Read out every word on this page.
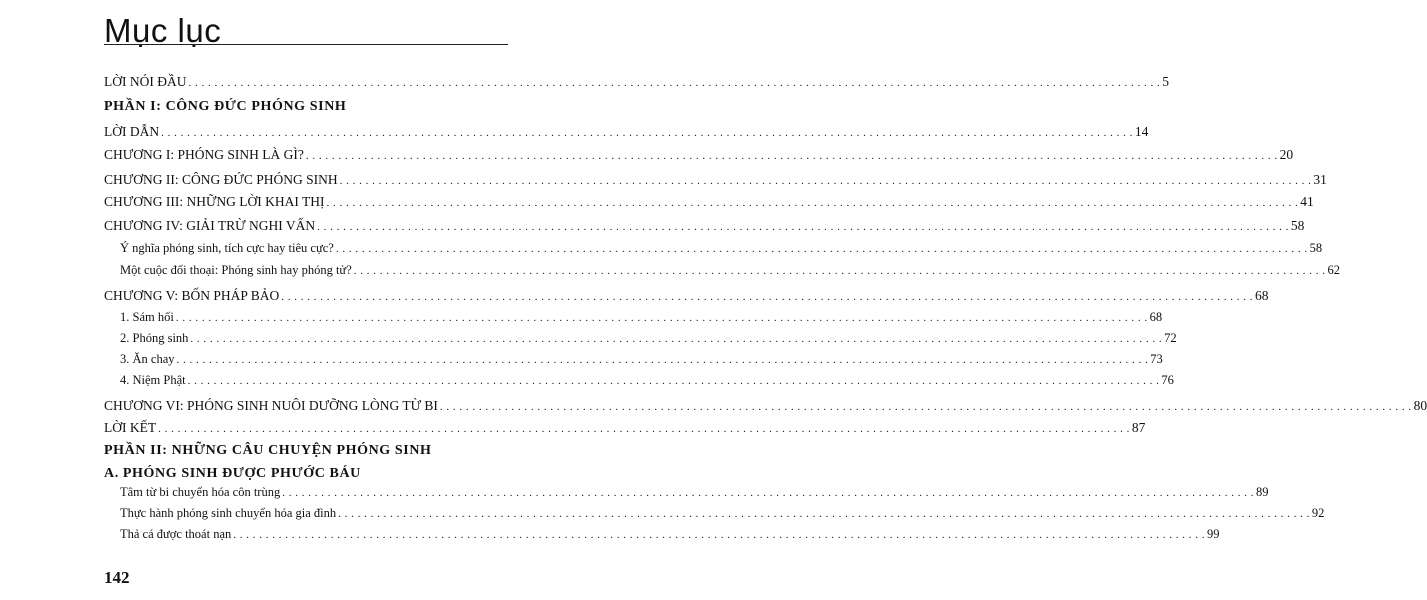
Mục lục
LỜI NÓI ĐẦU . . . . . . . . . . . . . . . . . . . . . . . . . . . . . . . . . . . . . . . . . . . . . . . . . . . . . . . . . . . . . . . . . . . . . . . . . . . . . . . . . . . . . . . . . . . . . . . . . . . . . . . . . . . . . . . . . . . . . . . . . . . . . . . . . . . . . . . . . . . . . . . . . . . . . . 5
PHẦN I: CÔNG ĐỨC PHÓNG SINH
LỜI DẪN . . . . . . . . . . . . . . . . . . . . . . . . . . . . . . . . . . . . . . . . . . . . . . . . . . . . . . . . . . . . . . . . . . . . . . . . . . . . . . . . . . . . . . . . . . . . . . . . . . . . . . . . . . . . . . . . . . . . . . . . . . . . . . . . . . . . . . . . . . . . . . . . . . . . . . 14
CHƯƠNG I: PHÓNG SINH LÀ GÌ? . . . . . . . . . . . . . . . . . . . . . . . . . . . . . . . . . . . . . . . . . . . . . . . . . . . . . . . . . . . . . . . . . . . . . . . . . . . . . . . . . . . . . . . . . . . . . . . . . . . . . . . . . . . . . . . . . . . . . . . . . . . . . . . . . . . . . . . . . . . . . . . . . . . . . . 20
CHƯƠNG II: CÔNG ĐỨC PHÓNG SINH . . . . . . . . . . . . . . . . . . . . . . . . . . . . . . . . . . . . . . . . . . . . . . . . . . . . . . . . . . . . . . . . . . . . . . . . . . . . . . . . . . . . . . . . . . . . . . . . . . . . . . . . . . . . . . . . . . . . . . . . . . . . . . . . . . . . . . . . . . . . . . . . . . . . . . 31
CHƯƠNG III: NHỮNG LỜI KHAI THỊ . . . . . . . . . . . . . . . . . . . . . . . . . . . . . . . . . . . . . . . . . . . . . . . . . . . . . . . . . . . . . . . . . . . . . . . . . . . . . . . . . . . . . . . . . . . . . . . . . . . . . . . . . . . . . . . . . . . . . . . . . . . . . . . . . . . . . . . . . . . . . . . . . . . . . . 41
CHƯƠNG IV: GIẢI TRỪ NGHI VẤN . . . . . . . . . . . . . . . . . . . . . . . . . . . . . . . . . . . . . . . . . . . . . . . . . . . . . . . . . . . . . . . . . . . . . . . . . . . . . . . . . . . . . . . . . . . . . . . . . . . . . . . . . . . . . . . . . . . . . . . . . . . . . . . . . . . . . . . . . . . . . . . . . . . . . . 58
Ý nghĩa phóng sinh, tích cực hay tiêu cực? . . . . . . . . . . . . . . . . . . . . . . . . . . . . . . . . . . . . . . . . . . . . . . . . . . . . . . . . . . . . . . . . . . . . . . . . . . . . . . . . . . . . . . . . . . . . . . . . . . . . . . . . . . . . . . . . . . . . . . . . . . . . . . . . . . . . . . . . . . . . . . . . . . . . . . 58
Một cuộc đối thoại: Phóng sinh hay phóng tử? . . . . . . . . . . . . . . . . . . . . . . . . . . . . . . . . . . . . . . . . . . . . . . . . . . . . . . . . . . . . . . . . . . . . . . . . . . . . . . . . . . . . . . . . . . . . . . . . . . . . . . . . . . . . . . . . . . . . . . . . . . . . . . . . . . . . . . . . . . . . . . . . . . . . . . 62
CHƯƠNG V: BỐN PHÁP BẢO . . . . . . . . . . . . . . . . . . . . . . . . . . . . . . . . . . . . . . . . . . . . . . . . . . . . . . . . . . . . . . . . . . . . . . . . . . . . . . . . . . . . . . . . . . . . . . . . . . . . . . . . . . . . . . . . . . . . . . . . . . . . . . . . . . . . . . . . . . . . . . . . . . . . . . 68
1. Sám hối . . . . . . . . . . . . . . . . . . . . . . . . . . . . . . . . . . . . . . . . . . . . . . . . . . . . . . . . . . . . . . . . . . . . . . . . . . . . . . . . . . . . . . . . . . . . . . . . . . . . . . . . . . . . . . . . . . . . . . . . . . . . . . . . . . . . . . . . . . . . . . . . . . . . . . 68
2. Phóng sinh . . . . . . . . . . . . . . . . . . . . . . . . . . . . . . . . . . . . . . . . . . . . . . . . . . . . . . . . . . . . . . . . . . . . . . . . . . . . . . . . . . . . . . . . . . . . . . . . . . . . . . . . . . . . . . . . . . . . . . . . . . . . . . . . . . . . . . . . . . . . . . . . . . . . . . 72
3. Ăn chay . . . . . . . . . . . . . . . . . . . . . . . . . . . . . . . . . . . . . . . . . . . . . . . . . . . . . . . . . . . . . . . . . . . . . . . . . . . . . . . . . . . . . . . . . . . . . . . . . . . . . . . . . . . . . . . . . . . . . . . . . . . . . . . . . . . . . . . . . . . . . . . . . . . . . . 73
4. Niệm Phật . . . . . . . . . . . . . . . . . . . . . . . . . . . . . . . . . . . . . . . . . . . . . . . . . . . . . . . . . . . . . . . . . . . . . . . . . . . . . . . . . . . . . . . . . . . . . . . . . . . . . . . . . . . . . . . . . . . . . . . . . . . . . . . . . . . . . . . . . . . . . . . . . . . . . . 76
CHƯƠNG VI: PHÓNG SINH NUÔI DƯỠNG LÒNG TỪ BI . . . . . . . . . . . . . . . . . . . . . . . . . . . . . . . . . . . . . . . . . . . . . . . . . . . . . . . . . . . . . . . . . . . . . . . . . . . . . . . . . . . . . . . . . . . . . . . . . . . . . . . . . . . . . . . . . . . . . . . . . . . . . . . . . . . . . . . . . . . . . . . . . . . . . . 80
LỜI KẾT . . . . . . . . . . . . . . . . . . . . . . . . . . . . . . . . . . . . . . . . . . . . . . . . . . . . . . . . . . . . . . . . . . . . . . . . . . . . . . . . . . . . . . . . . . . . . . . . . . . . . . . . . . . . . . . . . . . . . . . . . . . . . . . . . . . . . . . . . . . . . . . . . . . . . . 87
PHẦN II: NHỮNG CÂU CHUYỆN PHÓNG SINH
A. PHÓNG SINH ĐƯỢC PHƯỚC BÁU
Tâm từ bi chuyển hóa côn trùng . . . . . . . . . . . . . . . . . . . . . . . . . . . . . . . . . . . . . . . . . . . . . . . . . . . . . . . . . . . . . . . . . . . . . . . . . . . . . . . . . . . . . . . . . . . . . . . . . . . . . . . . . . . . . . . . . . . . . . . . . . . . . . . . . . . . . . . . . . . . . . . . . . . . . . 89
Thực hành phóng sinh chuyển hóa gia đình . . . . . . . . . . . . . . . . . . . . . . . . . . . . . . . . . . . . . . . . . . . . . . . . . . . . . . . . . . . . . . . . . . . . . . . . . . . . . . . . . . . . . . . . . . . . . . . . . . . . . . . . . . . . . . . . . . . . . . . . . . . . . . . . . . . . . . . . . . . . . . . . . . . . . . 92
Thả cá được thoát nạn . . . . . . . . . . . . . . . . . . . . . . . . . . . . . . . . . . . . . . . . . . . . . . . . . . . . . . . . . . . . . . . . . . . . . . . . . . . . . . . . . . . . . . . . . . . . . . . . . . . . . . . . . . . . . . . . . . . . . . . . . . . . . . . . . . . . . . . . . . . . . . . . . . . . . . 99
142
